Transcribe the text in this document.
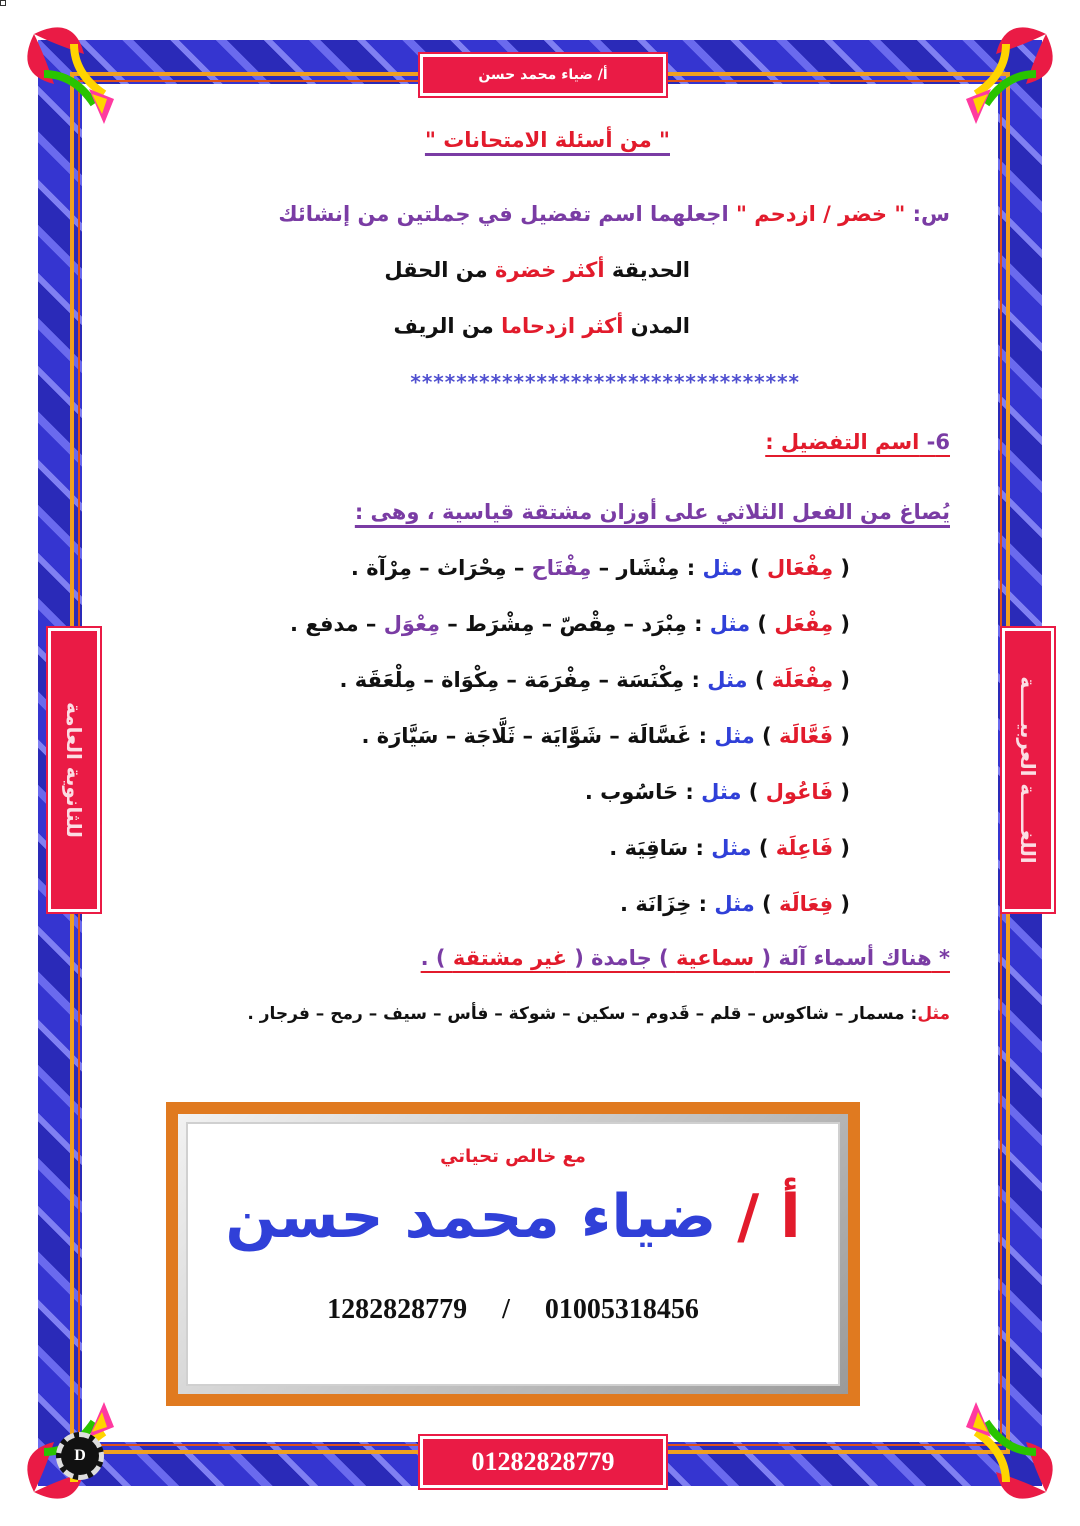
أ/ ضياء محمد حسن
01282828779
للثانوية العامة	اللغـــــة العربيـــــة
" من أسئلة الامتحانات "
س: " خضر / ازدحم " اجعلهما اسم تفضيل في جملتين من إنشائك
الحديقة أكثر خضرة من الحقل
المدن أكثر ازدحاما من الريف
**********************************
6- اسم التفضيل :
يُصاغ من الفعل الثلاثي على أوزان مشتقة قياسية ، وهى :
( مِفْعَال ) مثل : مِنْشَار – مِفْتَاح – مِحْرَاث – مِرْآة .
( مِفْعَل ) مثل : مِبْرَد – مِقْصّ – مِشْرَط – مِعْوَل – مدفع .
( مِفْعَلَة ) مثل : مِكْنَسَة – مِفْرَمَة – مِكْوَاة – مِلْعَقَة .
( فَعَّالَة ) مثل : غَسَّالَة – شَوَّايَة – ثَلَّاجَة – سَيَّارَة .
( فَاعُول ) مثل : حَاسُوب .
( فَاعِلَة ) مثل : سَاقِيَة .
( فِعَالَة ) مثل : خِزَانَة .
* هناك أسماء آلة ( سماعية ) جامدة ( غير مشتقة ) .
مثل: مسمار – شاكوس – قلم – قَدوم – سكين – شوكة – فأس – سيف – رمح – فرجار .
مع خالص تحياتي
أ / ضياء محمد حسن
1282828779 / 01005318456
D
